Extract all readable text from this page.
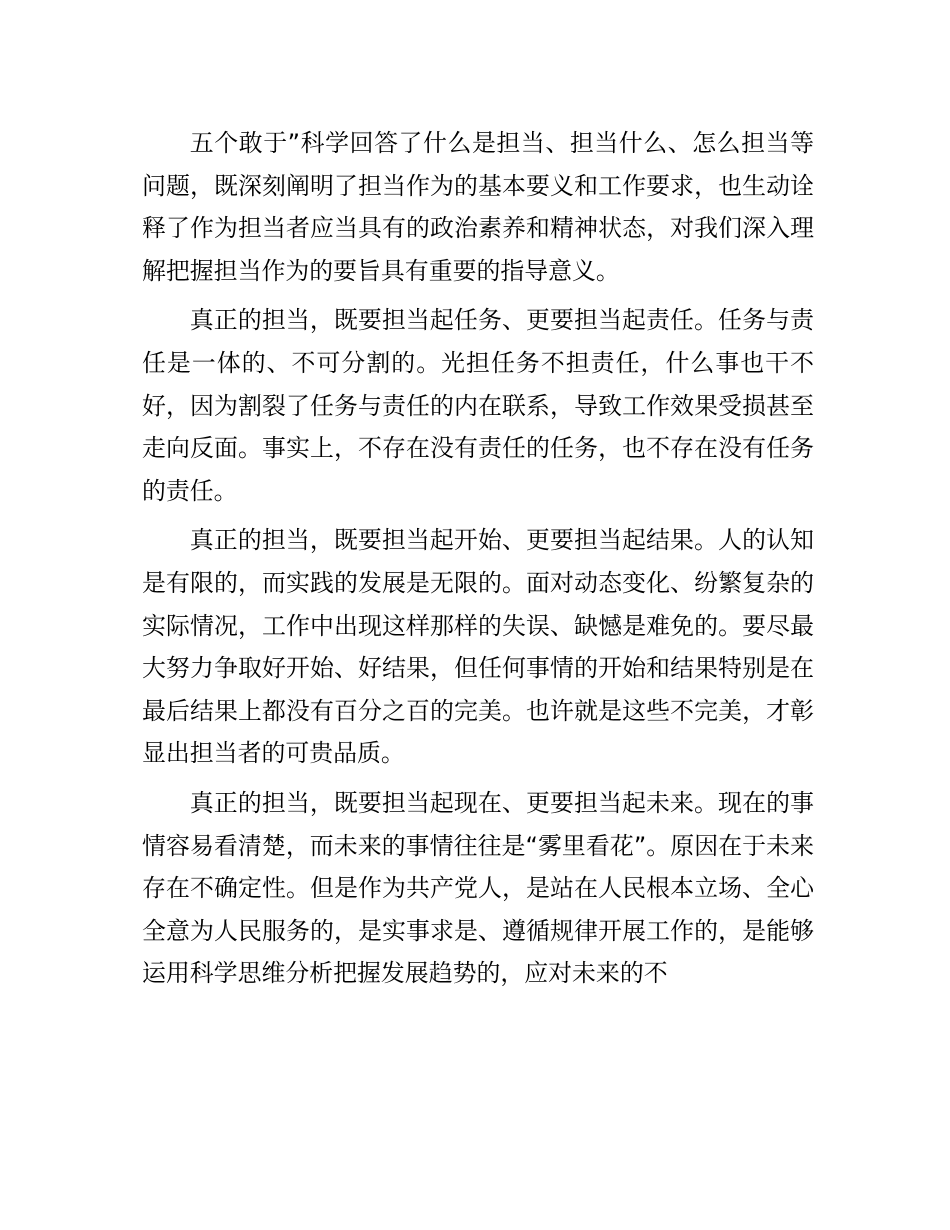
五个敢于”科学回答了什么是担当、担当什么、怎么担当等问题，既深刻阐明了担当作为的基本要义和工作要求，也生动诠释了作为担当者应当具有的政治素养和精神状态，对我们深入理解把握担当作为的要旨具有重要的指导意义。

真正的担当，既要担当起任务、更要担当起责任。任务与责任是一体的、不可分割的。光担任务不担责任，什么事也干不好，因为割裂了任务与责任的内在联系，导致工作效果受损甚至走向反面。事实上，不存在没有责任的任务，也不存在没有任务的责任。

真正的担当，既要担当起开始、更要担当起结果。人的认知是有限的，而实践的发展是无限的。面对动态变化、纷繁复杂的实际情况，工作中出现这样那样的失误、缺憾是难免的。要尽最大努力争取好开始、好结果，但任何事情的开始和结果特别是在最后结果上都没有百分之百的完美。也许就是这些不完美，才彰显出担当者的可贵品质。

真正的担当，既要担当起现在、更要担当起未来。现在的事情容易看清楚，而未来的事情往往是“雾里看花”。原因在于未来存在不确定性。但是作为共产党人，是站在人民根本立场、全心全意为人民服务的，是实事求是、遵循规律开展工作的，是能够运用科学思维分析把握发展趋势的，应对未来的不
